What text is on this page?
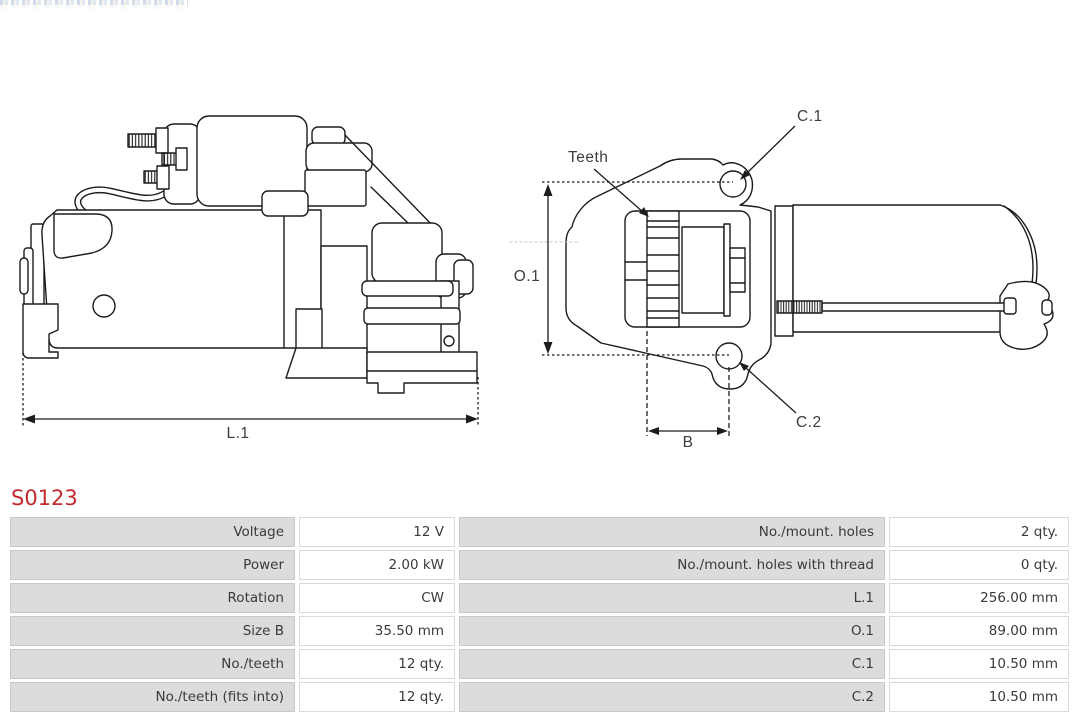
L.1
O.1
B
Teeth
C.1
C.2
S0123
Voltage	12 V	No./mount. holes	2 qty.
Power	2.00 kW	No./mount. holes with thread	0 qty.
Rotation	CW	L.1	256.00 mm
Size B	35.50 mm	O.1	89.00 mm
No./teeth	12 qty.	C.1	10.50 mm
No./teeth (fits into)	12 qty.	C.2	10.50 mm
